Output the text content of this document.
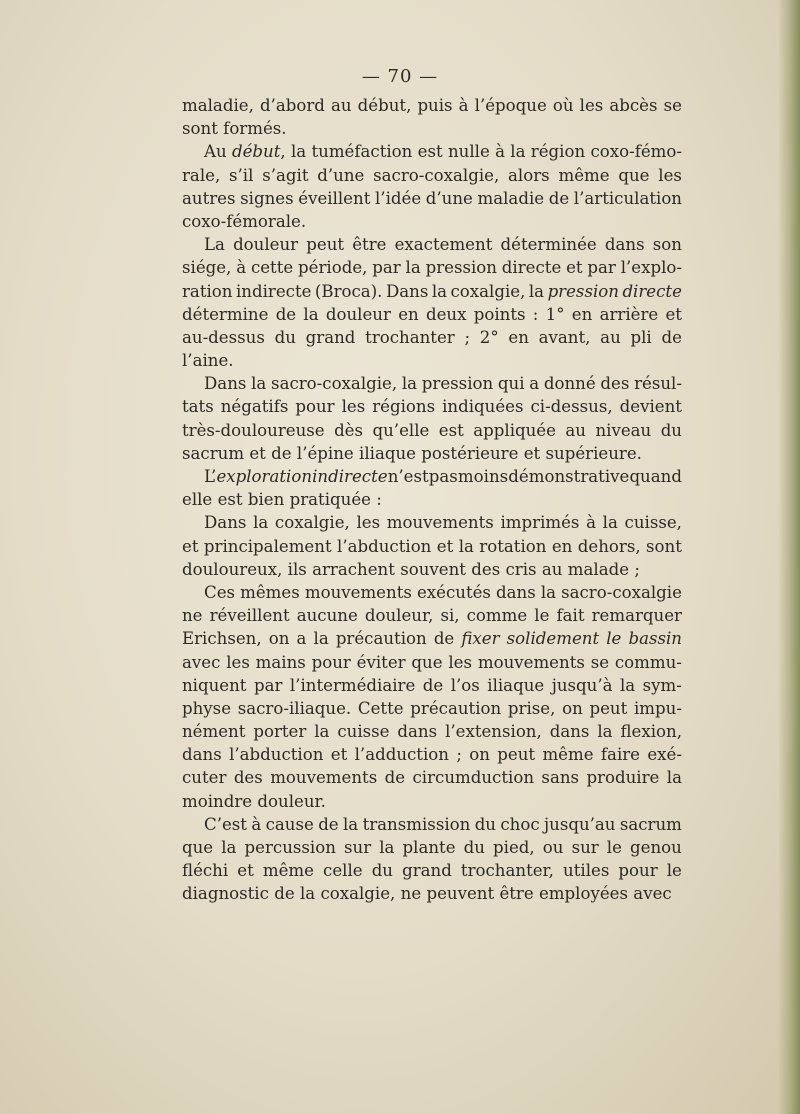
— 70 —
maladie, d’abord au début, puis à l’époque où les abcès se
sont formés.
Au début, la tuméfaction est nulle à la région coxo-fémo-
rale, s’il s’agit d’une sacro-coxalgie, alors même que les
autres signes éveillent l’idée d’une maladie de l’articulation
coxo-fémorale.
La douleur peut être exactement déterminée dans son
siége, à cette période, par la pression directe et par l’explo-
ration indirecte (Broca). Dans la coxalgie, la pression directe
détermine de la douleur en deux points : 1° en arrière et
au-dessus du grand trochanter ; 2° en avant, au pli de
l’aine.
Dans la sacro-coxalgie, la pression qui a donné des résul-
tats négatifs pour les régions indiquées ci-dessus, devient
très-douloureuse dès qu’elle est appliquée au niveau du
sacrum et de l’épine iliaque postérieure et supérieure.
L’ exploration indirecte n’est pas moins démonstrative quand
elle est bien pratiquée :
Dans la coxalgie, les mouvements imprimés à la cuisse,
et principalement l’abduction et la rotation en dehors, sont
douloureux, ils arrachent souvent des cris au malade ;
Ces mêmes mouvements exécutés dans la sacro-coxalgie
ne réveillent aucune douleur, si, comme le fait remarquer
Erichsen, on a la précaution de fixer solidement le bassin
avec les mains pour éviter que les mouvements se commu-
niquent par l’intermédiaire de l’os iliaque jusqu’à la sym-
physe sacro-iliaque. Cette précaution prise, on peut impu-
nément porter la cuisse dans l’extension, dans la flexion,
dans l’abduction et l’adduction ; on peut même faire exé-
cuter des mouvements de circumduction sans produire la
moindre douleur.
C’est à cause de la transmission du choc jusqu’au sacrum
que la percussion sur la plante du pied, ou sur le genou
fléchi et même celle du grand trochanter, utiles pour le
diagnostic de la coxalgie, ne peuvent être employées avec
